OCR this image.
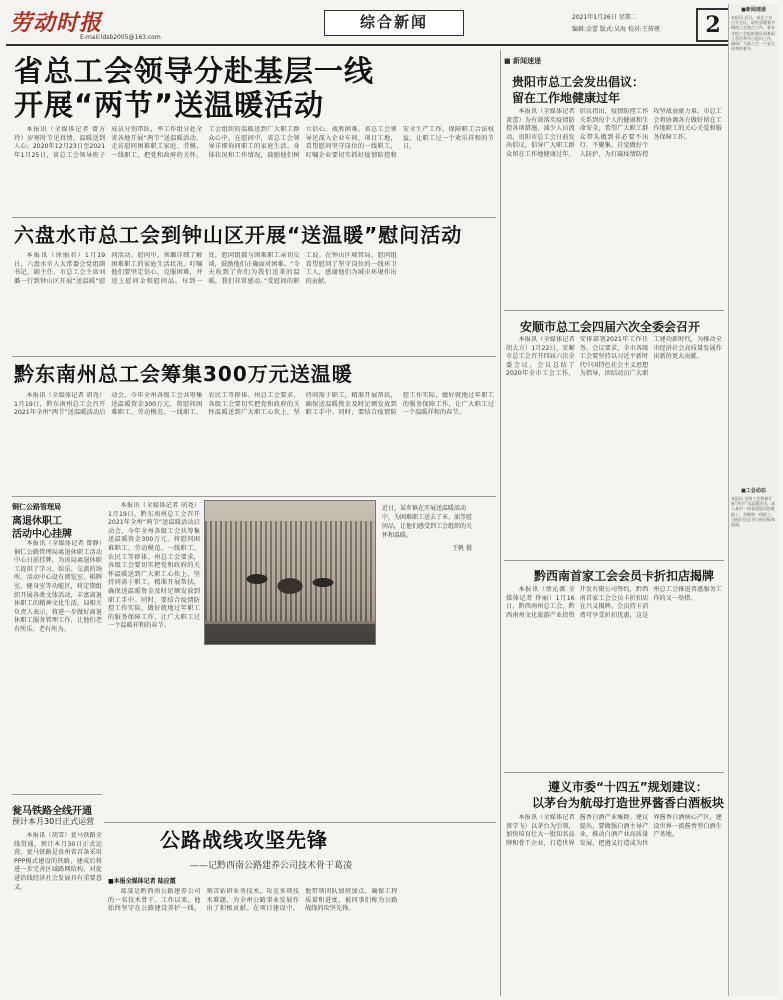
劳动时报
E-mail:ldsb2005@163.com
综合新闻	2021年1月26日 星期二
编辑:金蕾 版式:吴海 校对:王传瑾	2
省总工会领导分赴基层一线
开展“两节”送温暖活动

本报讯（全媒体记者 曾方玲）岁寒时节见真情，温暖送到人心。2020年12月23日至2021年1月25日，省总工会领导班子成员分别带队，率工作组分赴全省各地开展“两节”送温暖活动，走访慰问困难职工家庭、劳模、一线职工，把党和政府的关怀、工会组织的温暖送到广大职工群众心中。在慰问中，省总工会领导详细询问职工的家庭生活、身体状况和工作情况，鼓励他们树立信心、战胜困难。省总工会领导还深入企业车间、项目工地，看望慰问坚守岗位的一线职工，叮嘱企业要切实抓好疫情防控和安全生产工作，保障职工合法权益，让职工过一个欢乐祥和的节日。

六盘水市总工会到钟山区开展“送温暖”慰问活动

本报讯（徐丽君）1月19日，六盘水市人大常委会党组副书记、副主任、市总工会主席刘璐一行到钟山区开展“送温暖”慰问活动。慰问中，刘璐详细了解困难职工的家庭生活状况，叮嘱他们要坚定信心，克服困难，并送上慰问金和慰问品。每到一处，慰问组都与困难职工亲切交谈，鼓励他们正确面对困难。“今天收到了你们为我们送来的温暖，我们非常感动。”受慰问的职工说。在钟山区城管局，慰问组看望慰问了坚守岗位的一线环卫工人，感谢他们为城市环境作出的贡献。

黔东南州总工会筹集300万元送温暖

本报讯（全媒体记者 胡尧）1月19日，黔东南州总工会召开2021年全州“两节”送温暖活动启动会，今年全州各级工会共筹集送温暖资金300万元，将慰问困难职工、劳动模范、一线职工、农民工等群体。州总工会要求，各级工会要切实把党和政府的关怀温暖送到广大职工心坎上，坚持问需于职工，精准开展帮扶，确保送温暖资金及时足额发放到职工手中。同时，要结合疫情防控工作实际，做好就地过年职工的服务保障工作，让广大职工过一个温暖祥和的春节。

铜仁公路管理局
离退休职工
活动中心挂牌

本报讯（全媒体记者 曾静）铜仁公路管理局离退休职工活动中心日前挂牌，为该局离退休职工提供了学习、娱乐、交流的场所。活动中心设有阅览室、棋牌室、健身室等功能区，将定期组织开展各类文体活动，丰富离退休职工的精神文化生活。局相关负责人表示，将进一步做好离退休职工服务管理工作，让他们老有所乐、老有所为。

瓮马铁路全线开通
预计本月30日正式运营

本报讯（胡雪）瓮马铁路全线贯通，预计本月30日正式运营。瓮马铁路是贵州省首条采用PPP模式建设的铁路，建成后将进一步完善区域路网结构，对促进沿线经济社会发展具有重要意义。

本报讯（全媒体记者 胡尧）1月19日，黔东南州总工会召开2021年全州“两节”送温暖活动启动会，今年全州各级工会共筹集送温暖资金300万元，将慰问困难职工、劳动模范、一线职工、农民工等群体。州总工会要求，各级工会要切实把党和政府的关怀温暖送到广大职工心坎上，坚持问需于职工，精准开展帮扶，确保送温暖资金及时足额发放到职工手中。同时，要结合疫情防控工作实际，做好就地过年职工的服务保障工作，让广大职工过一个温暖祥和的春节。

近日，某乡镇在开展送温暖活动中，为困难职工送去了米、油等慰问品，让他们感受到工会组织的关怀和温暖。
王帆 摄
公路战线攻坚先锋
——记黔西南公路建养公司技术骨干葛凌
■本报全媒体记者 陆应霞

葛凌是黔西南公路建养公司的一名技术骨干。工作以来，他始终坚守在公路建设养护一线，刻苦钻研业务技术，攻克多项技术难题，为全州公路事业发展作出了积极贡献。在项目建设中，他带领团队加班加点，确保工程质量和进度，被同事们称为公路战线的攻坚先锋。

■ 新闻速递
贵阳市总工会发出倡议：
留在工作地健康过年

本报讯（全媒体记者 黄蕾）为有效落实疫情防控各项措施，减少人员流动，贵阳市总工会日前发出倡议，倡导广大职工群众留在工作地健康过年。倡议指出，疫情防控工作关系到每个人的健康和生命安全，希望广大职工群众带头做到非必要不出行、不聚集，自觉做好个人防护，为打赢疫情防控攻坚战贡献力量。市总工会将协调各方做好留在工作地职工的关心关爱和服务保障工作。

安顺市总工会四届六次全委会召开

本报讯（全媒体记者 胡大方）1月22日，安顺市总工会召开四届六次全委会议。会议总结了2020年全市工会工作，安排部署2021年工作任务。会议要求，全市各级工会要坚持以习近平新时代中国特色社会主义思想为指导，团结动员广大职工建功新时代，为推动全市经济社会高质量发展作出新的更大贡献。

黔西南首家工会会员卡折扣店揭牌

本报讯（蔡沁源 全媒体记者 佟丽）1月16日，黔西南州总工会、黔西南州文化旅游产业投资开发有限公司签约，黔西南首家工会会员卡折扣店在兴义揭牌。会员持卡消费可享受折扣优惠，这是州总工会推进普惠服务工作的又一举措。

遵义市委“十四五”规划建议：
以茅台为航母打造世界酱香白酒板块

本报讯（全媒体记者 蔡学飞）以茅台为引领，加快培育壮大一批知名品牌和骨干企业，打造世界酱香白酒产业集群。建议提出，要做强白酒主导产业，推动白酒产业高质量发展，把遵义打造成为世界酱香白酒核心产区，建设世界一流酱香型白酒生产基地。

■新闻速递
本报讯 近日，省总工会召开会议，研究部署春节期间工会重点工作，要求各级工会组织做好困难职工帮扶和节日慰问工作，确保广大职工过一个安全祥和的春节。
■工会动态
本报讯 各级工会积极开展“两节”送温暖活动，深入基层一线看望慰问困难职工、劳模和一线职工，为他们送去节日的问候和祝福。
